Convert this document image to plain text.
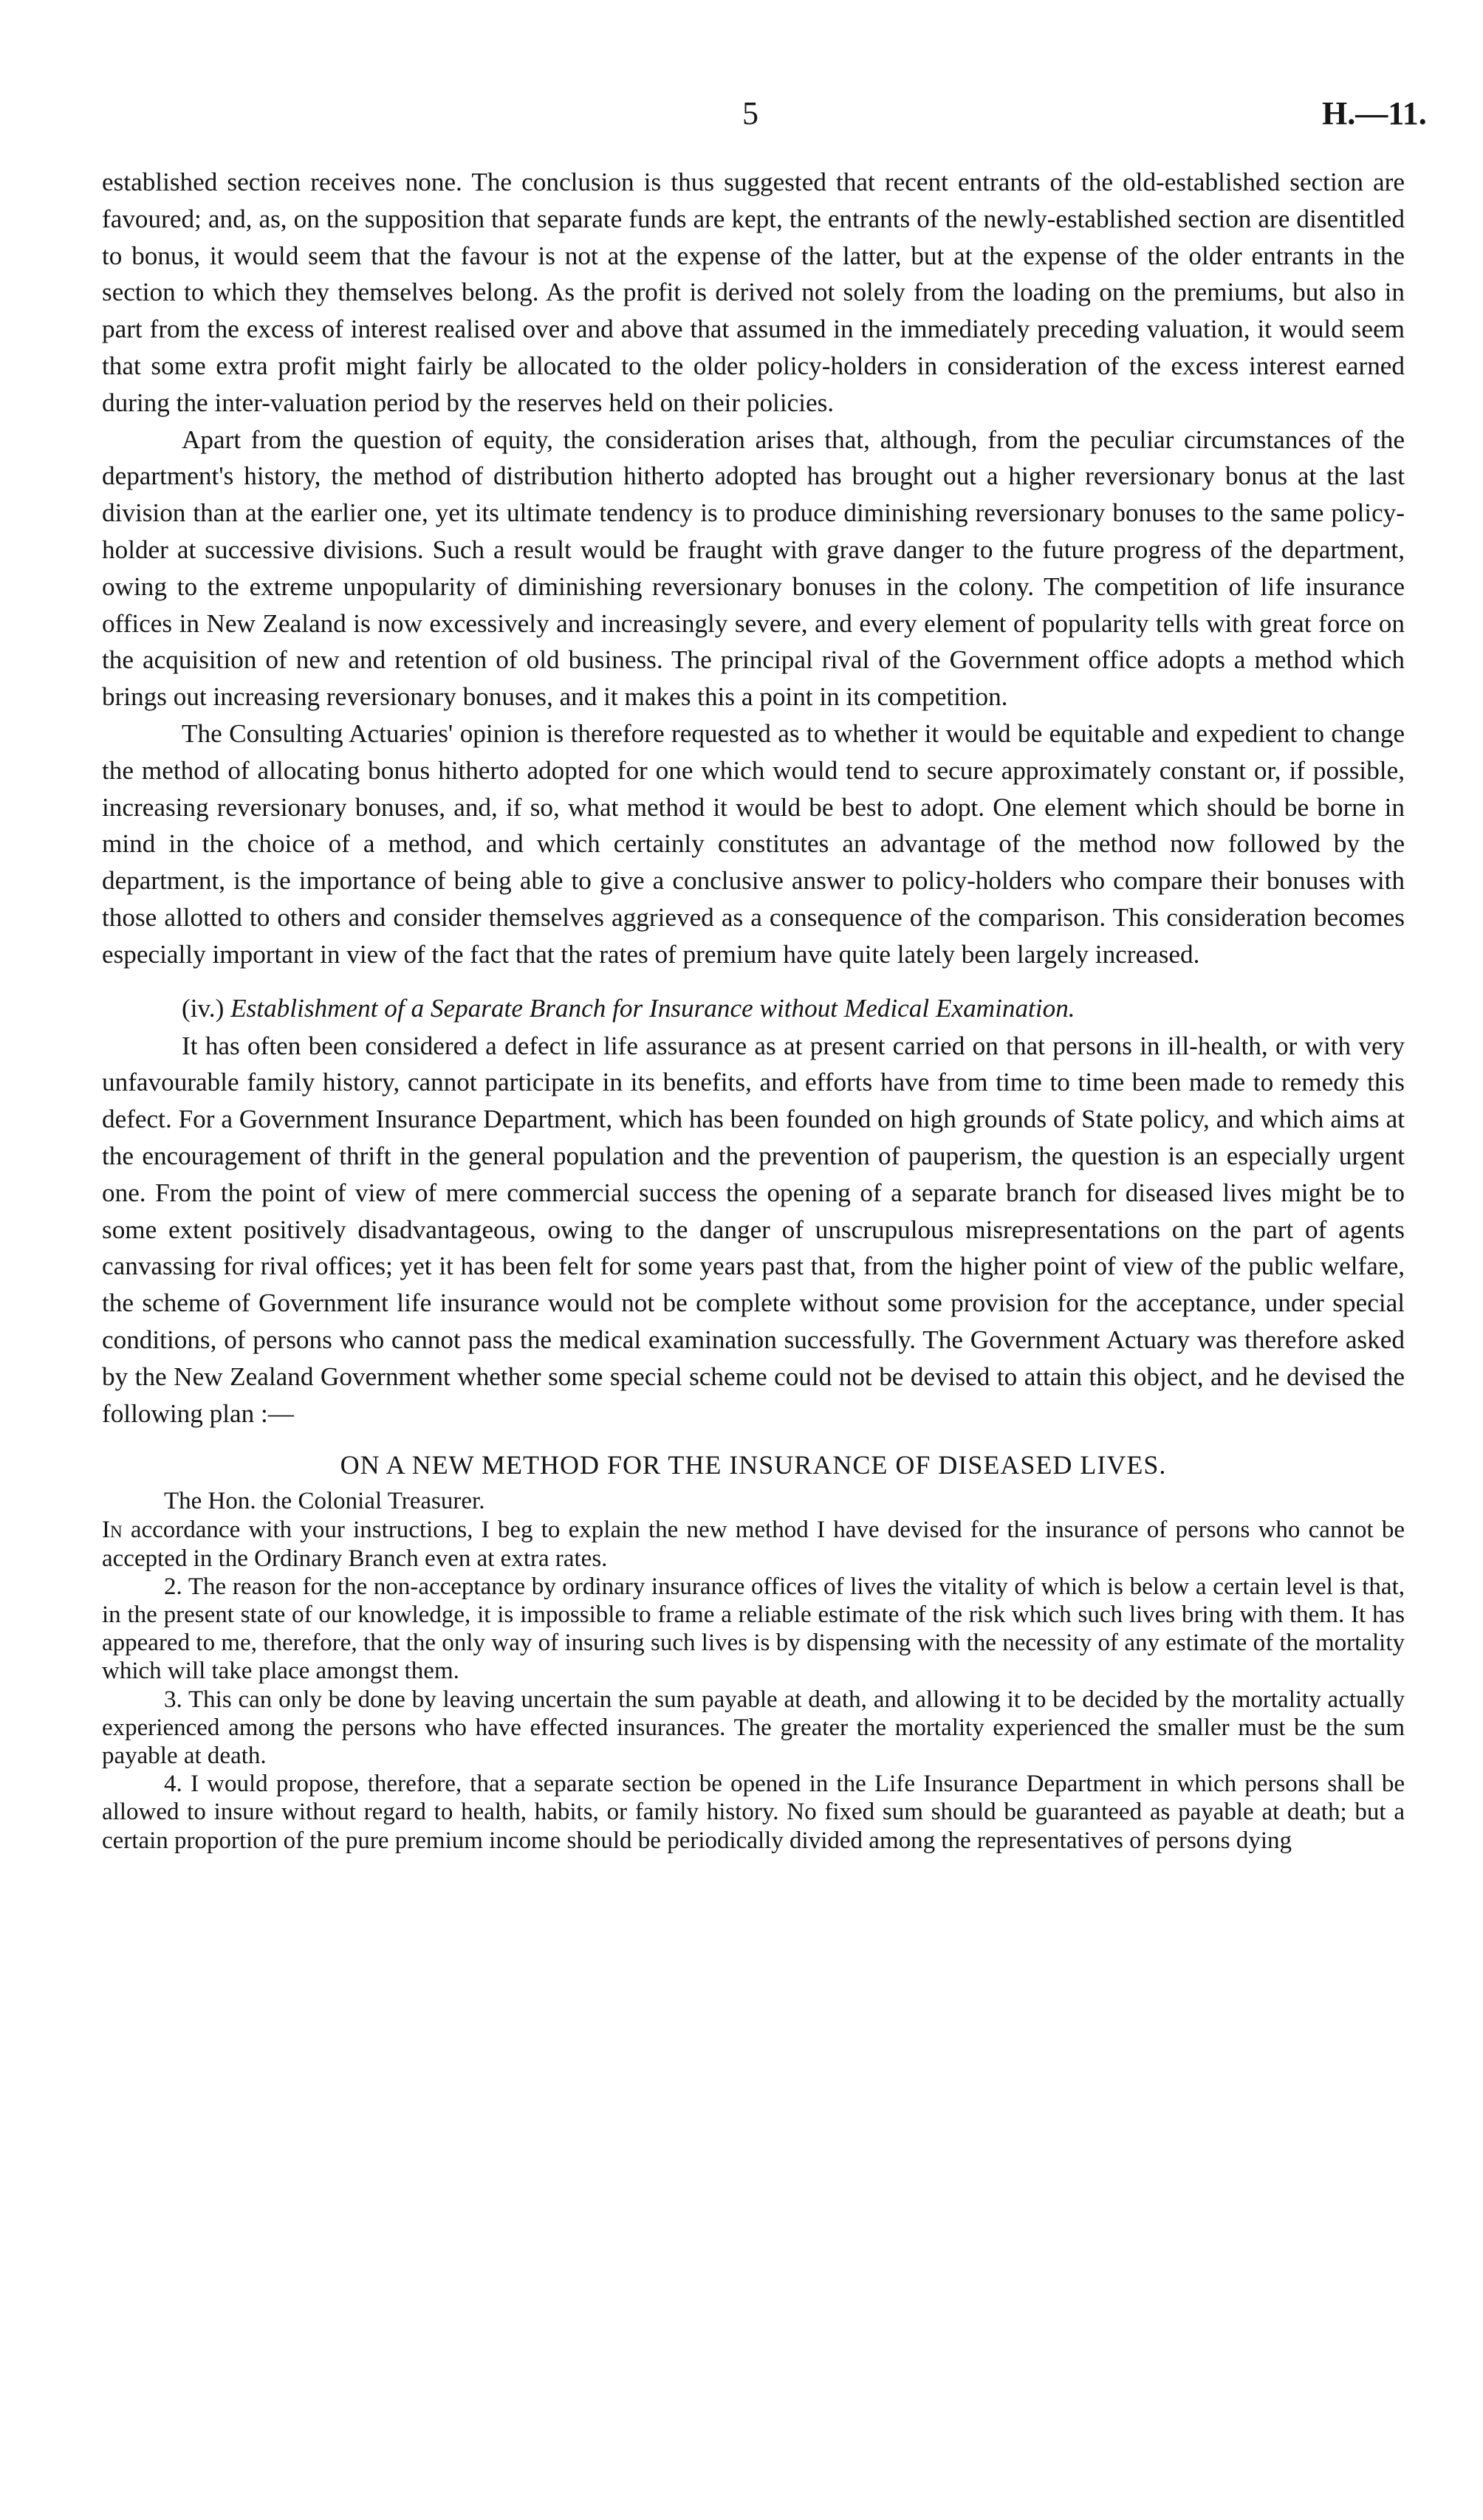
5	H.—11.

established section receives none. The conclusion is thus suggested that recent entrants of the old-established section are favoured; and, as, on the supposition that separate funds are kept, the entrants of the newly-established section are disentitled to bonus, it would seem that the favour is not at the expense of the latter, but at the expense of the older entrants in the section to which they themselves belong. As the profit is derived not solely from the loading on the premiums, but also in part from the excess of interest realised over and above that assumed in the immediately preceding valuation, it would seem that some extra profit might fairly be allocated to the older policy-holders in consideration of the excess interest earned during the inter-valuation period by the reserves held on their policies.

Apart from the question of equity, the consideration arises that, although, from the peculiar circumstances of the department's history, the method of distribution hitherto adopted has brought out a higher reversionary bonus at the last division than at the earlier one, yet its ultimate tendency is to produce diminishing reversionary bonuses to the same policy-holder at successive divisions. Such a result would be fraught with grave danger to the future progress of the department, owing to the extreme unpopularity of diminishing reversionary bonuses in the colony. The competition of life insurance offices in New Zealand is now excessively and increasingly severe, and every element of popularity tells with great force on the acquisition of new and retention of old business. The principal rival of the Government office adopts a method which brings out increasing reversionary bonuses, and it makes this a point in its competition.

The Consulting Actuaries' opinion is therefore requested as to whether it would be equitable and expedient to change the method of allocating bonus hitherto adopted for one which would tend to secure approximately constant or, if possible, increasing reversionary bonuses, and, if so, what method it would be best to adopt. One element which should be borne in mind in the choice of a method, and which certainly constitutes an advantage of the method now followed by the department, is the importance of being able to give a conclusive answer to policy-holders who compare their bonuses with those allotted to others and consider themselves aggrieved as a consequence of the comparison. This consideration becomes especially important in view of the fact that the rates of premium have quite lately been largely increased.

(iv.) Establishment of a Separate Branch for Insurance without Medical Examination.

It has often been considered a defect in life assurance as at present carried on that persons in ill-health, or with very unfavourable family history, cannot participate in its benefits, and efforts have from time to time been made to remedy this defect. For a Government Insurance Department, which has been founded on high grounds of State policy, and which aims at the encouragement of thrift in the general population and the prevention of pauperism, the question is an especially urgent one. From the point of view of mere commercial success the opening of a separate branch for diseased lives might be to some extent positively disadvantageous, owing to the danger of unscrupulous misrepresentations on the part of agents canvassing for rival offices; yet it has been felt for some years past that, from the higher point of view of the public welfare, the scheme of Government life insurance would not be complete without some provision for the acceptance, under special conditions, of persons who cannot pass the medical examination successfully. The Government Actuary was therefore asked by the New Zealand Government whether some special scheme could not be devised to attain this object, and he devised the following plan :—

ON A NEW METHOD FOR THE INSURANCE OF DISEASED LIVES.

The Hon. the Colonial Treasurer.

In accordance with your instructions, I beg to explain the new method I have devised for the insurance of persons who cannot be accepted in the Ordinary Branch even at extra rates.

2. The reason for the non-acceptance by ordinary insurance offices of lives the vitality of which is below a certain level is that, in the present state of our knowledge, it is impossible to frame a reliable estimate of the risk which such lives bring with them. It has appeared to me, therefore, that the only way of insuring such lives is by dispensing with the necessity of any estimate of the mortality which will take place amongst them.

3. This can only be done by leaving uncertain the sum payable at death, and allowing it to be decided by the mortality actually experienced among the persons who have effected insurances. The greater the mortality experienced the smaller must be the sum payable at death.

4. I would propose, therefore, that a separate section be opened in the Life Insurance Department in which persons shall be allowed to insure without regard to health, habits, or family history. No fixed sum should be guaranteed as payable at death; but a certain proportion of the pure premium income should be periodically divided among the representatives of persons dying
